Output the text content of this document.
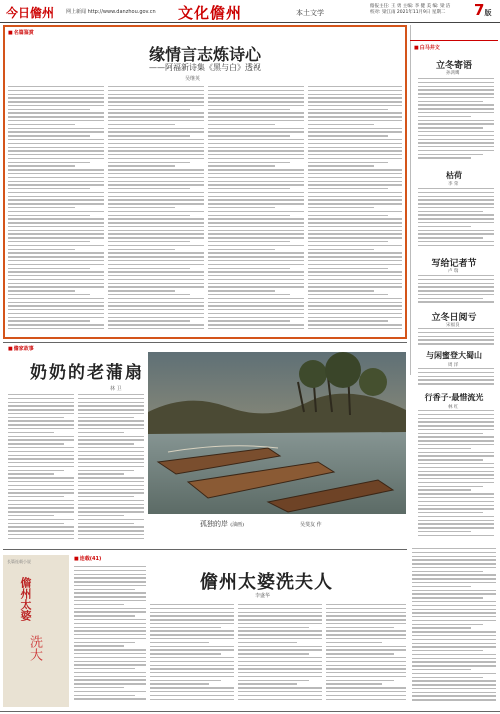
今日儋州 网上新闻 http://www.danzhou.gov.cn 文化儋州	本土文学
儋报主任: 王 勇 主编: 李 健 美 编: 梁 洁
校对: 梁江雨 2021年11月9日 星期二	7版
■ 名篇鉴赏
缘情言志炼诗心
——阿福新诗集《黑与白》透视
吴继英
■ 白马井文
立冬寄语
孙鸿鹰
枯荷
李 荣
写给记者节
卢 瑞
立冬日阅亏
宋福良
与闲蜜登大蜀山
周 洋
行香子·最惜流光
林 红
■ 儋家故事
奶奶的老蒲扇
林 卫
孤独的岸 (油画)	吴斐友 作
长篇连载小说
儋州太婆
洗大
■ 连载(41)
儋州太婆洗夫人
李盛华
